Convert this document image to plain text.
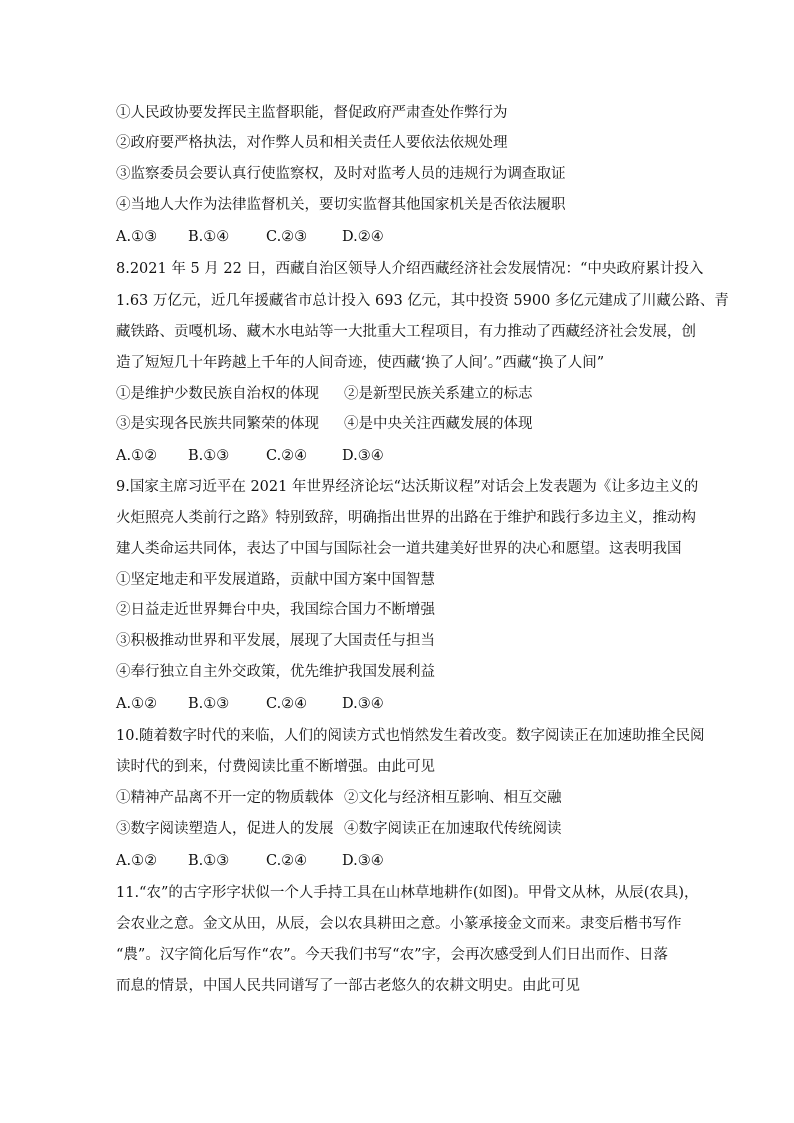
①人民政协要发挥民主监督职能，督促政府严肃查处作弊行为
②政府要严格执法，对作弊人员和相关责任人要依法依规处理
③监察委员会要认真行使监察权，及时对监考人员的违规行为调查取证
④当地人大作为法律监督机关，要切实监督其他国家机关是否依法履职
A.①③ B.①④	C.②③ D.②④
8.2021 年 5 月 22 日，西藏自治区领导人介绍西藏经济社会发展情况：“中央政府累计投入
1.63 万亿元，近几年援藏省市总计投入 693 亿元，其中投资 5900 多亿元建成了川藏公路、青
藏铁路、贡嘎机场、藏木水电站等一大批重大工程项目，有力推动了西藏经济社会发展，创
造了短短几十年跨越上千年的人间奇迹，使西藏‘换了人间’。”西藏“换了人间”
①是维护少数民族自治权的体现 ②是新型民族关系建立的标志
③是实现各民族共同繁荣的体现 ④是中央关注西藏发展的体现
A.①② B.①③	C.②④ D.③④
9.国家主席习近平在 2021 年世界经济论坛“达沃斯议程”对话会上发表题为《让多边主义的
火炬照亮人类前行之路》特别致辞，明确指出世界的出路在于维护和践行多边主义，推动构
建人类命运共同体，表达了中国与国际社会一道共建美好世界的决心和愿望。这表明我国
①坚定地走和平发展道路，贡献中国方案中国智慧
②日益走近世界舞台中央，我国综合国力不断增强
③积极推动世界和平发展，展现了大国责任与担当
④奉行独立自主外交政策，优先维护我国发展利益
A.①② B.①③	C.②④ D.③④
10.随着数字时代的来临，人们的阅读方式也悄然发生着改变。数字阅读正在加速助推全民阅
读时代的到来，付费阅读比重不断增强。由此可见
①精神产品离不开一定的物质载体 ②文化与经济相互影响、相互交融
③数字阅读塑造人，促进人的发展 ④数字阅读正在加速取代传统阅读
A.①② B.①③	C.②④ D.③④
11.“农”的古字形字状似一个人手持工具在山林草地耕作(如图)。甲骨文从林，从辰(农具)，
会农业之意。金文从田，从辰，会以农具耕田之意。小篆承接金文而来。隶变后楷书写作
“農”。汉字简化后写作“农”。今天我们书写“农”字，会再次感受到人们日出而作、日落
而息的情景，中国人民共同谱写了一部古老悠久的农耕文明史。由此可见
